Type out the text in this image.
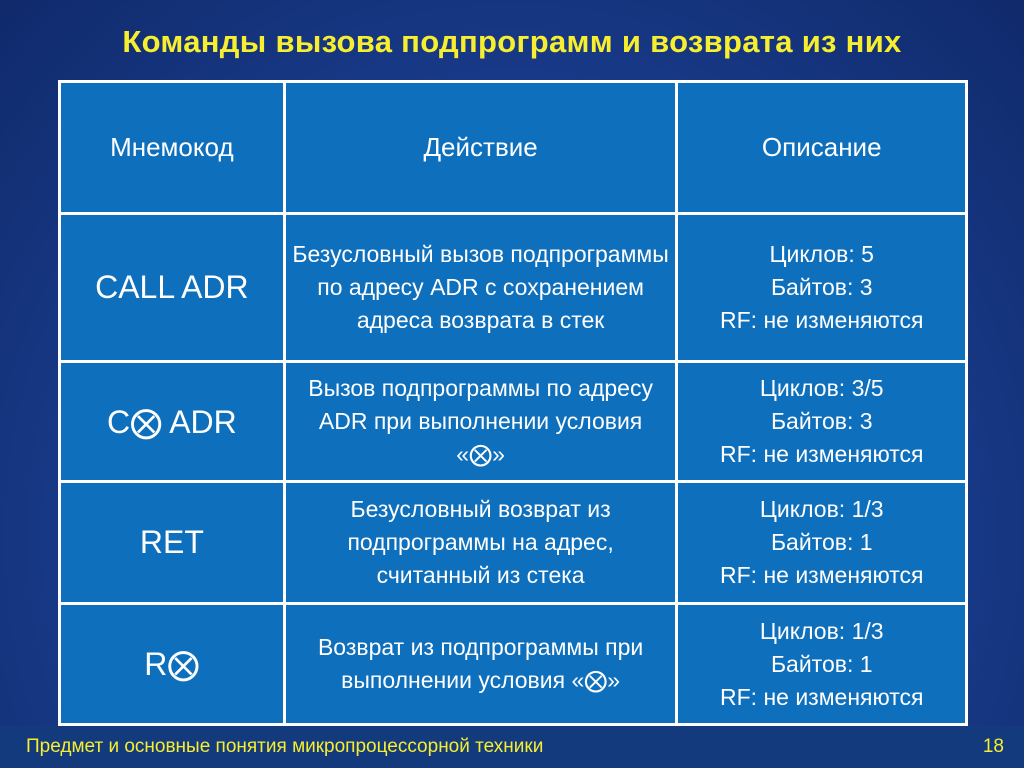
Команды вызова подпрограмм и возврата из них
Мнемокод	Действие	Описание
CALL ADR	Безусловный вызов подпрограммы по адресу ADR с сохранением адреса возврата в стек	Циклов: 5
Байтов: 3
RF: не изменяются

C⨂ ADR	Вызов подпрограммы по адресу ADR при выполнении условия «⨂»	Циклов: 3/5
Байтов: 3
RF: не изменяются

RET	Безусловный возврат из подпрограммы на адрес, считанный из стека	Циклов: 1/3
Байтов: 1
RF: не изменяются

R⨂	Возврат из подпрограммы при выполнении условия «⨂»	Циклов: 1/3
Байтов: 1
RF: не изменяются
Предмет и основные понятия микропроцессорной техники	18
